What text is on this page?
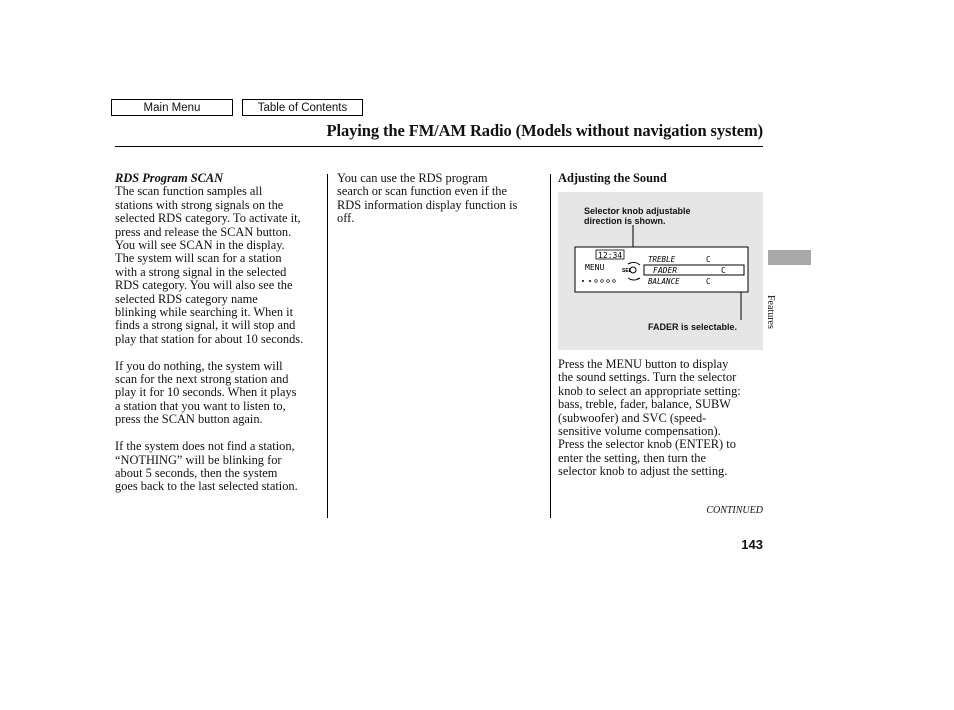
Main Menu	Table of Contents
Playing the FM/AM Radio (Models without navigation system)

RDS Program SCAN

The scan function samples all

stations with strong signals on the

selected RDS category. To activate it,

press and release the SCAN button.

You will see SCAN in the display.

The system will scan for a station

with a strong signal in the selected

RDS category. You will also see the

selected RDS category name

blinking while searching it. When it

finds a strong signal, it will stop and

play that station for about 10 seconds.

If you do nothing, the system will

scan for the next strong station and

play it for 10 seconds. When it plays

a station that you want to listen to,

press the SCAN button again.

If the system does not find a station,

“NOTHING” will be blinking for

about 5 seconds, then the system

goes back to the last selected station.

You can use the RDS program

search or scan function even if the

RDS information display function is

off.

Adjusting the Sound
Selector knob adjustable
direction is shown.
12:34
MENU	SEL
TREBLE	C
FADER	C
BALANCE	C
FADER is selectable.

Press the MENU button to display

the sound settings. Turn the selector

knob to select an appropriate setting:

bass, treble, fader, balance, SUBW

(subwoofer) and SVC (speed-

sensitive volume compensation).

Press the selector knob (ENTER) to

enter the setting, then turn the

selector knob to adjust the setting.

Features
CONTINUED
143
